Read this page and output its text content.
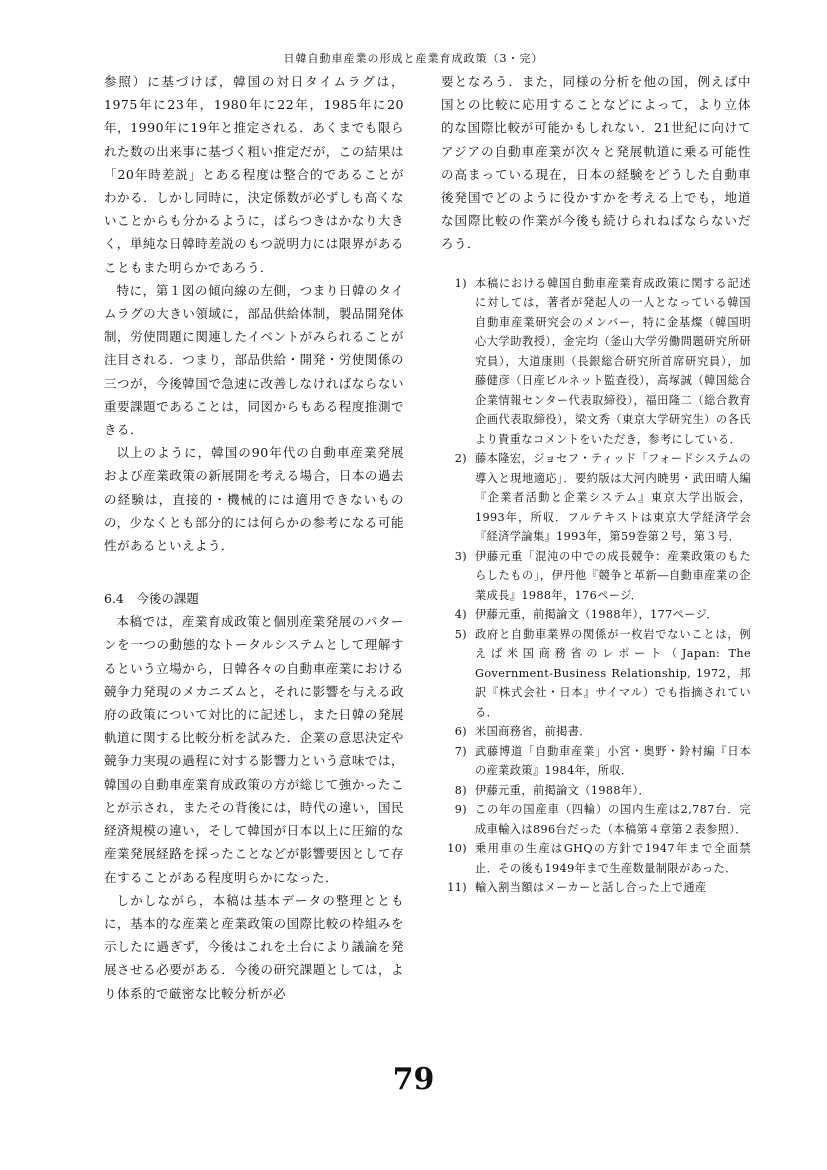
日韓自動車産業の形成と産業育成政策（3・完）

参照）に基づけば，韓国の対日タイムラグは，1975年に23年，1980年に22年，1985年に20年，1990年に19年と推定される．あくまでも限られた数の出来事に基づく粗い推定だが，この結果は「20年時差説」とある程度は整合的であることがわかる．しかし同時に，決定係数が必ずしも高くないことからも分かるように，ばらつきはかなり大きく，単純な日韓時差説のもつ説明力には限界があることもまた明らかであろう．

特に，第１図の傾向線の左側，つまり日韓のタイムラグの大きい領域に，部品供給体制，製品開発体制，労使問題に関連したイベントがみられることが注目される．つまり，部品供給・開発・労使関係の三つが，今後韓国で急速に改善しなければならない重要課題であることは，同図からもある程度推測できる．

以上のように，韓国の90年代の自動車産業発展および産業政策の新展開を考える場合，日本の過去の経験は，直接的・機械的には適用できないものの，少なくとも部分的には何らかの参考になる可能性があるといえよう．

6.4　今後の課題

本稿では，産業育成政策と個別産業発展のパターンを一つの動態的なトータルシステムとして理解するという立場から，日韓各々の自動車産業における競争力発現のメカニズムと，それに影響を与える政府の政策について対比的に記述し，また日韓の発展軌道に関する比較分析を試みた．企業の意思決定や競争力実現の過程に対する影響力という意味では，韓国の自動車産業育成政策の方が総じて強かったことが示され，またその背後には，時代の違い，国民経済規模の違い，そして韓国が日本以上に圧縮的な産業発展経路を採ったことなどが影響要因として存在することがある程度明らかになった．

しかしながら，本稿は基本データの整理とともに，基本的な産業と産業政策の国際比較の枠組みを示したに過ぎず，今後はこれを土台により議論を発展させる必要がある．今後の研究課題としては，より体系的で厳密な比較分析が必

要となろう．また，同様の分析を他の国，例えば中国との比較に応用することなどによって，より立体的な国際比較が可能かもしれない．21世紀に向けてアジアの自動車産業が次々と発展軌道に乗る可能性の高まっている現在，日本の経験をどうした自動車後発国でどのように役かすかを考える上でも，地道な国際比較の作業が今後も続けられねばならないだろう．

1) 本稿における韓国自動車産業育成政策に関する記述に対しては，著者が発起人の一人となっている韓国自動車産業研究会のメンバー，特に金基燦（韓国明心大学助教授），金完均（釜山大学労働問題研究所研究員），大道康則（長銀総合研究所首席研究員），加藤健彦（日産ビルネット監査役），高塚誠（韓国総合企業情報センター代表取締役），福田隆二（総合教育企画代表取締役），梁文秀（東京大学研究生）の各氏より貴重なコメントをいただき，参考にしている．
2) 藤本隆宏，ジョセフ・ティッド「フォードシステムの導入と現地適応」．要約版は大河内暁男・武田晴人編『企業者活動と企業システム』東京大学出版会，1993年，所収．フルテキストは東京大学経済学会『経済学論集』1993年，第59巻第２号，第３号．
3) 伊藤元重「混沌の中での成長競争：産業政策のもたらしたもの」，伊丹他『競争と革新―自動車産業の企業成長』1988年，176ページ．
4) 伊藤元重，前掲論文（1988年），177ページ．
5) 政府と自動車業界の関係が一枚岩でないことは，例えば米国商務省のレポート（Japan: The Government-Business Relationship, 1972，邦訳『株式会社・日本』サイマル）でも指摘されている．
6) 米国商務省，前掲書．
7) 武藤博道「自動車産業」小宮・奥野・鈴村編『日本の産業政策』1984年，所収．
8) 伊藤元重，前掲論文（1988年）．
9) この年の国産車（四輪）の国内生産は2,787台．完成車輸入は896台だった（本稿第４章第２表参照）．
10) 乗用車の生産はGHQの方針で1947年まで全面禁止．その後も1949年まで生産数量制限があった．
11) 輸入割当額はメーカーと話し合った上で通産
79
